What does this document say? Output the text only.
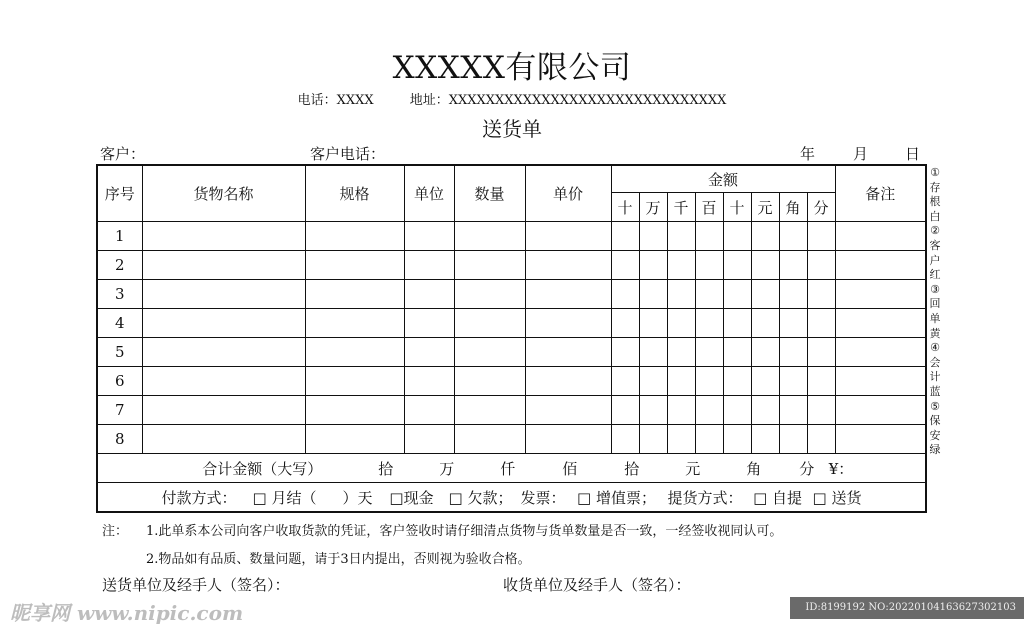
XXXXX有限公司
电话：XXXX	地址：XXXXXXXXXXXXXXXXXXXXXXXXXXXXXX
送货单
客户：	客户电话：	年	月 日
序号	货物名称	规格	单位	数量	单价	金额								备注
						十	万	千	百	十	元	角	分	
1														
2														
3														
4														
5														
6														
7														
8														
合计金额（大写） 拾 万 仟 佰 拾 元 角 分 ¥：														
付款方式： □ 月结（ ）天 □现金 □ 欠款； 发票： □ 增值票； 提货方式： □ 自提 □ 送货														
①
存
根
白
②
客
户
红
③
回
单
黄
④
会
计
蓝
⑤
保
安
绿
注： 1.此单系本公司向客户收取货款的凭证，客户签收时请仔细清点货物与货单数量是否一致，一经签收视同认可。
2.物品如有品质、数量问题，请于3日内提出，否则视为验收合格。
送货单位及经手人（签名）：	收货单位及经手人（签名）：
昵享网 www.nipic.com	ID:8199192 NO:20220104163627302103
